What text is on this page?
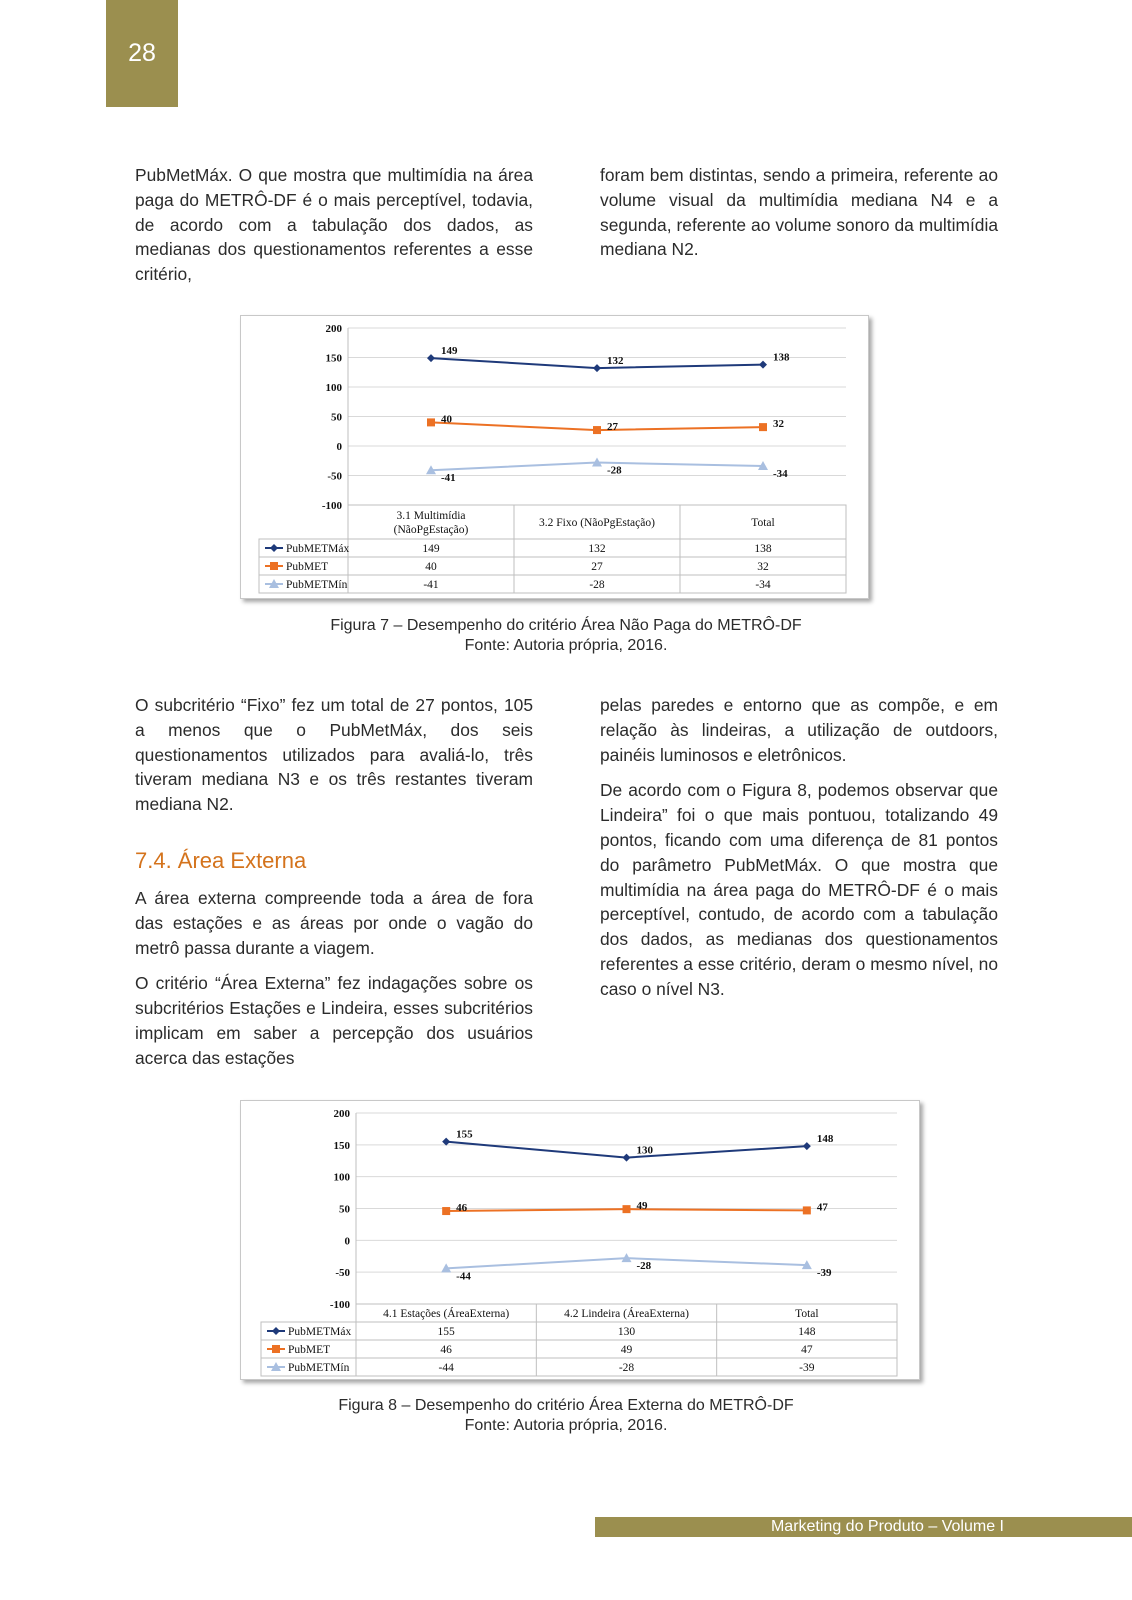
28

PubMetMáx. O que mostra que multimídia na área paga do METRÔ-DF é o mais perceptível, todavia, de acordo com a tabulação dos dados, as medianas dos questionamentos referentes a esse critério,

foram bem distintas, sendo a primeira, referente ao volume visual da multimídia mediana N4 e a segunda, referente ao volume sonoro da multimídia mediana N2.

200
150
100
50
0
-50
-100
149
132	138
40
27	32
-41
-28	-34
3.1 Multimídia
(NãoPgEstação)
3.2 Fixo (NãoPgEstação)	Total
PubMETMáx	149	132	138
PubMET	40	27	32
PubMETMín	-41	-28	-34
Figura 7 – Desempenho do critério Área Não Paga do METRÔ-DF
Fonte: Autoria própria, 2016.

O subcritério “Fixo” fez um total de 27 pontos, 105 a menos que o PubMetMáx, dos seis questionamentos utilizados para avaliá-lo, três tiveram mediana N3 e os três restantes tiveram mediana N2.

7.4. Área Externa

A área externa compreende toda a área de fora das estações e as áreas por onde o vagão do metrô passa durante a viagem.

O critério “Área Externa” fez indagações sobre os subcritérios Estações e Lindeira, esses subcritérios implicam em saber a percepção dos usuários acerca das estações

pelas paredes e entorno que as compõe, e em relação às lindeiras, a utilização de outdoors, painéis luminosos e eletrônicos.

De acordo com o Figura 8, podemos observar que Lindeira” foi o que mais pontuou, totalizando 49 pontos, ficando com uma diferença de 81 pontos do parâmetro PubMetMáx. O que mostra que multimídia na área paga do METRÔ-DF é o mais perceptível, contudo, de acordo com a tabulação dos dados, as medianas dos questionamentos referentes a esse critério, deram o mesmo nível, no caso o nível N3.

200
150
100
50
0
-50
-100
155
130
148
46	49	47
-44
-28
-39
4.1 Estações (ÁreaExterna)	4.2 Lindeira (ÁreaExterna)	Total
PubMETMáx	155	130	148
PubMET	46	49	47
PubMETMín	-44	-28	-39
Figura 8 – Desempenho do critério Área Externa do METRÔ-DF
Fonte: Autoria própria, 2016.
Marketing do Produto – Volume I
